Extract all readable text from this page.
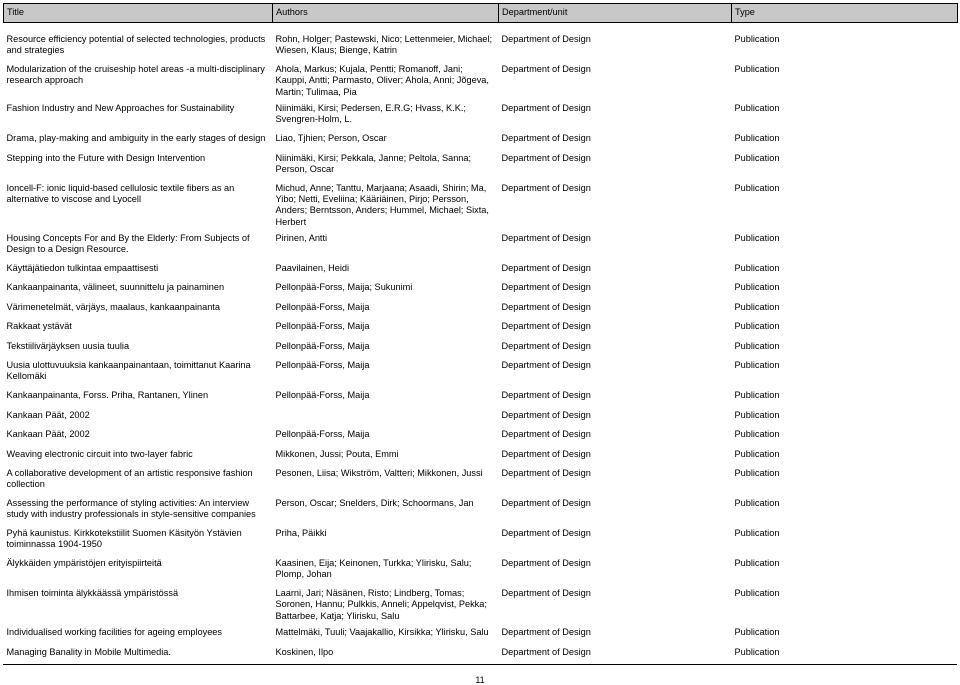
Title	Authors	Department/unit	Type

Resource efficiency potential of selected technologies, products and strategies	Rohn, Holger; Pastewski, Nico; Lettenmeier, Michael; Wiesen, Klaus; Bienge, Katrin	Department of Design	Publication
Modularization of the cruiseship hotel areas -a multi-disciplinary research approach	Ahola, Markus; Kujala, Pentti; Romanoff, Jani; Kauppi, Antti; Parmasto, Oliver; Ahola, Anni; Jõgeva, Martin; Tulimaa, Pia	Department of Design	Publication
Fashion Industry and New Approaches for Sustainability	Niinimäki, Kirsi; Pedersen, E.R.G; Hvass, K.K.; Svengren-Holm, L.	Department of Design	Publication
Drama, play-making and ambiguity in the early stages of design	Liao, Tjhien; Person, Oscar	Department of Design	Publication
Stepping into the Future with Design Intervention	Niinimäki, Kirsi; Pekkala, Janne; Peltola, Sanna; Person, Oscar	Department of Design	Publication
Ioncell-F: ionic liquid-based cellulosic textile fibers as an alternative to viscose and Lyocell	Michud, Anne; Tanttu, Marjaana; Asaadi, Shirin; Ma, Yibo; Netti, Eveliina; Kääriäinen, Pirjo; Persson, Anders; Berntsson, Anders; Hummel, Michael; Sixta, Herbert	Department of Design	Publication
Housing Concepts For and By the Elderly: From Subjects of Design to a Design Resource.	Pirinen, Antti	Department of Design	Publication
Käyttäjätiedon tulkintaa empaattisesti	Paavilainen, Heidi	Department of Design	Publication
Kankaanpainanta, välineet, suunnittelu ja painaminen	Pellonpää-Forss, Maija; Sukunimi	Department of Design	Publication
Värimenetelmät, värjäys, maalaus, kankaanpainanta	Pellonpää-Forss, Maija	Department of Design	Publication
Rakkaat ystävät	Pellonpää-Forss, Maija	Department of Design	Publication
Tekstiilivärjäyksen uusia tuulia	Pellonpää-Forss, Maija	Department of Design	Publication
Uusia ulottuvuuksia kankaanpainantaan, toimittanut Kaarina Kellomäki	Pellonpää-Forss, Maija	Department of Design	Publication
Kankaanpainanta, Forss. Priha, Rantanen, Ylinen	Pellonpää-Forss, Maija	Department of Design	Publication
Kankaan Päät, 2002		Department of Design	Publication
Kankaan Päät, 2002	Pellonpää-Forss, Maija	Department of Design	Publication
Weaving electronic circuit into two-layer fabric	Mikkonen, Jussi; Pouta, Emmi	Department of Design	Publication
A collaborative development of an artistic responsive fashion collection	Pesonen, Liisa; Wikström, Valtteri; Mikkonen, Jussi	Department of Design	Publication
Assessing the performance of styling activities: An interview study with industry professionals in style-sensitive companies	Person, Oscar; Snelders, Dirk; Schoormans, Jan	Department of Design	Publication
Pyhä kaunistus. Kirkkotekstiilit Suomen Käsityön Ystävien toiminnassa 1904-1950	Priha, Päikki	Department of Design	Publication
Älykkäiden ympäristöjen erityispiirteitä	Kaasinen, Eija; Keinonen, Turkka; Ylirisku, Salu; Plomp, Johan	Department of Design	Publication
Ihmisen toiminta älykkäässä ympäristössä	Laarni, Jari; Näsänen, Risto; Lindberg, Tomas; Soronen, Hannu; Pulkkis, Anneli; Appelqvist, Pekka; Battarbee, Katja; Ylirisku, Salu	Department of Design	Publication
Individualised working facilities for ageing employees	Mattelmäki, Tuuli; Vaajakallio, Kirsikka; Ylirisku, Salu	Department of Design	Publication
Managing Banality in Mobile Multimedia.	Koskinen, Ilpo	Department of Design	Publication
11
